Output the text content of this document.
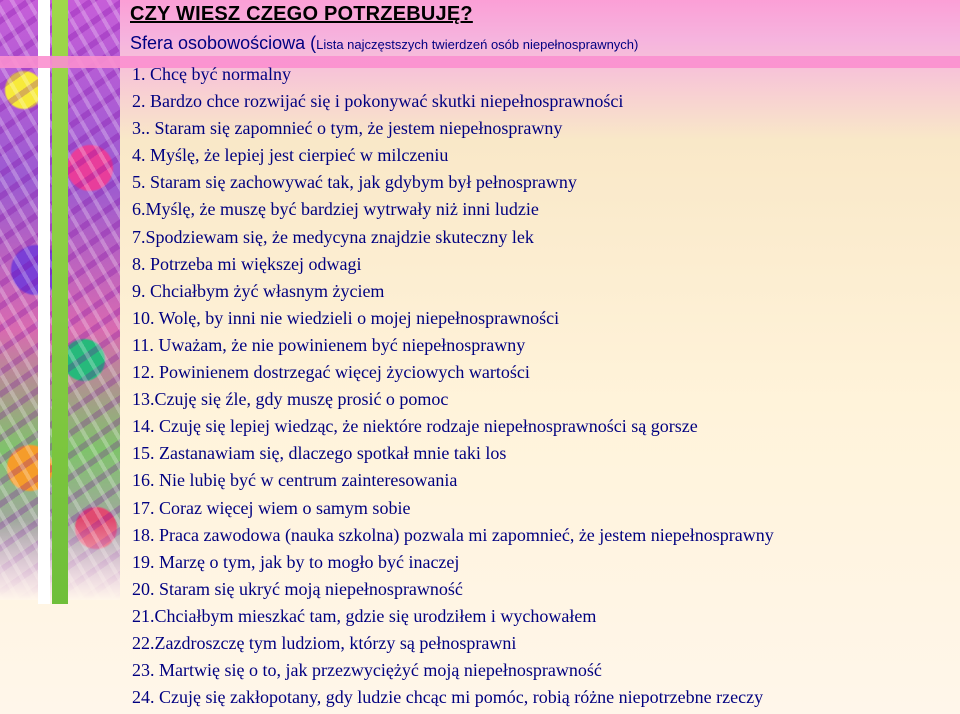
CZY WIESZ CZEGO POTRZEBUJĘ?
Sfera osobowościowa (Lista najczęstszych twierdzeń osób niepełnosprawnych)
1. Chcę być normalny
2. Bardzo chce rozwijać się i pokonywać skutki niepełnosprawności
3.. Staram się zapomnieć o tym, że jestem niepełnosprawny
4. Myślę, że lepiej jest cierpieć w milczeniu
5. Staram się zachowywać tak, jak gdybym był pełnosprawny
6.Myślę, że muszę być bardziej wytrwały niż inni ludzie
7.Spodziewam się, że medycyna znajdzie skuteczny lek
8. Potrzeba mi większej odwagi
9. Chciałbym żyć własnym życiem
10. Wolę, by inni nie wiedzieli o mojej niepełnosprawności
11. Uważam, że nie powinienem być niepełnosprawny
12. Powinienem dostrzegać więcej życiowych wartości
13.Czuję się źle, gdy muszę prosić o pomoc
14. Czuję się lepiej wiedząc, że niektóre rodzaje niepełnosprawności są gorsze
15. Zastanawiam się, dlaczego spotkał mnie taki los
16. Nie lubię być w centrum zainteresowania
17. Coraz więcej wiem o samym sobie
18. Praca zawodowa (nauka szkolna) pozwala mi zapomnieć, że jestem niepełnosprawny
19. Marzę o tym, jak by to mogło być inaczej
20. Staram się ukryć moją niepełnosprawność
21.Chciałbym mieszkać tam, gdzie się urodziłem i wychowałem
22.Zazdroszczę tym ludziom, którzy są pełnosprawni
23. Martwię się o to, jak przezwyciężyć moją niepełnosprawność
24. Czuję się zakłopotany, gdy ludzie chcąc mi pomóc, robią różne niepotrzebne rzeczy
